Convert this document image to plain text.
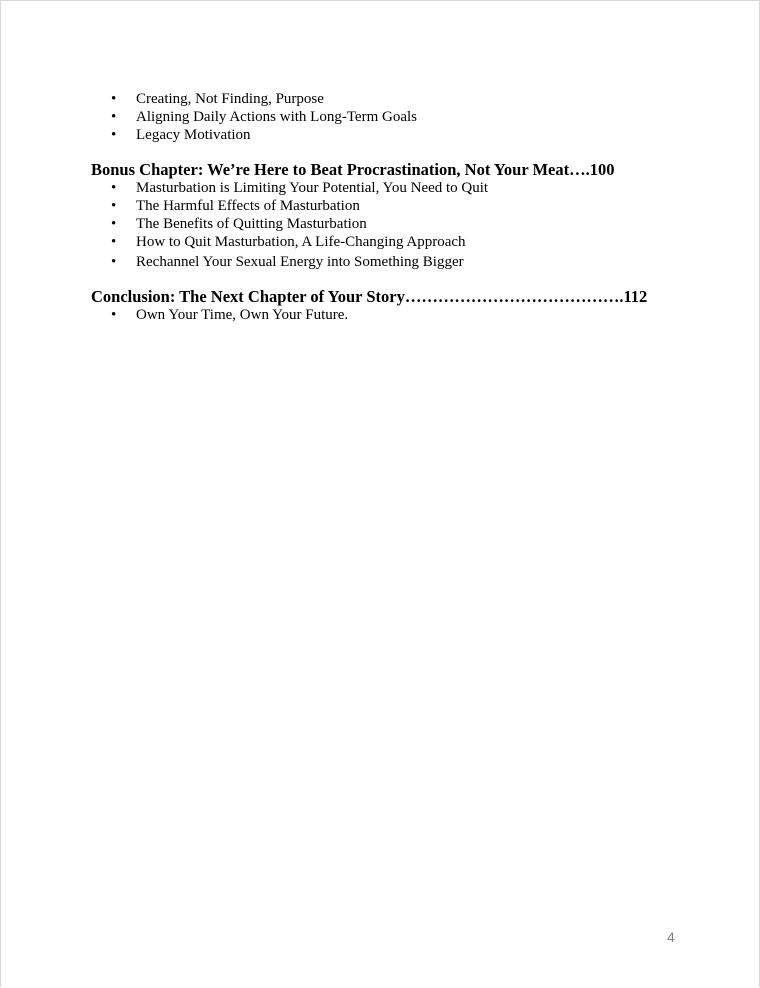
• Creating, Not Finding, Purpose
• Aligning Daily Actions with Long-Term Goals
• Legacy Motivation

Bonus Chapter: We’re Here to Beat Procrastination, Not Your Meat….100

• Masturbation is Limiting Your Potential, You Need to Quit
• The Harmful Effects of Masturbation
• The Benefits of Quitting Masturbation
• How to Quit Masturbation, A Life-Changing Approach
• Rechannel Your Sexual Energy into Something Bigger

Conclusion: The Next Chapter of Your Story………………………………….112

• Own Your Time, Own Your Future.
4
